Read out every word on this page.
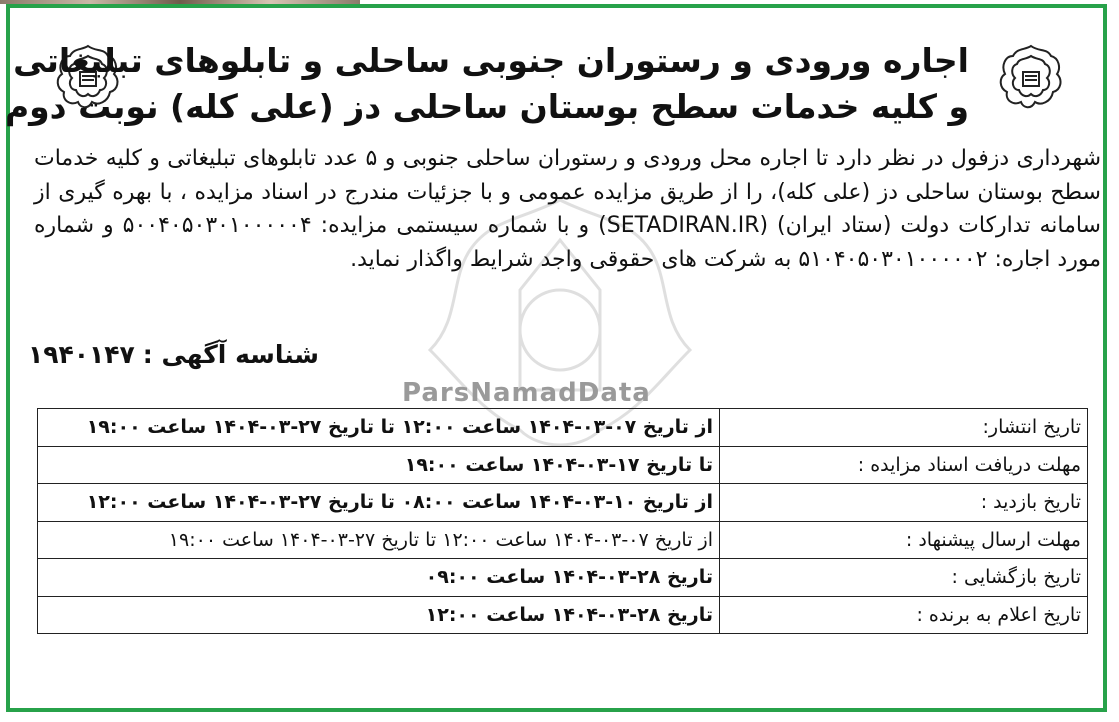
ParsNamadData
اجاره ورودی و رستوران جنوبی ساحلی و تابلوهای تبلیغاتی
و کلیه خدمات سطح بوستان ساحلی دز (علی کله) نوبت دوم
شهرداری دزفول در نظر دارد تا اجاره محل ورودی و رستوران ساحلی جنوبی و ۵ عدد تابلوهای تبلیغاتی و کلیه خدمات سطح بوستان ساحلی دز (علی کله)، را از طریق مزایده عمومی و با جزئیات مندرج در اسناد مزایده ، با بهره گیری از سامانه تدارکات دولت (ستاد ایران) (SETADIRAN.IR) و با شماره سیستمی مزایده: ۵۰۰۴۰۵۰۳۰۱۰۰۰۰۰۴ و شماره مورد اجاره: ۵۱۰۴۰۵۰۳۰۱۰۰۰۰۰۲ به شرکت های حقوقی واجد شرایط واگذار نماید.
شناسه آگهی :۱۹۴۰۱۴۷
تاریخ انتشار:	از تاریخ ۰۷-۰۳-۱۴۰۴ ساعت ۱۲:۰۰ تا تاریخ ۲۷-۰۳-۱۴۰۴ ساعت ۱۹:۰۰
مهلت دریافت اسناد مزایده :	تا تاریخ ۱۷-۰۳-۱۴۰۴ ساعت ۱۹:۰۰
تاریخ بازدید :	از تاریخ ۱۰-۰۳-۱۴۰۴ ساعت ۰۸:۰۰ تا تاریخ ۲۷-۰۳-۱۴۰۴ ساعت ۱۲:۰۰
مهلت ارسال پیشنهاد :	از تاریخ ۰۷-۰۳-۱۴۰۴ ساعت ۱۲:۰۰ تا تاریخ ۲۷-۰۳-۱۴۰۴ ساعت ۱۹:۰۰
تاریخ بازگشایی :	تاریخ ۲۸-۰۳-۱۴۰۴ ساعت ۰۹:۰۰
تاریخ اعلام به برنده :	تاریخ ۲۸-۰۳-۱۴۰۴ ساعت ۱۲:۰۰
